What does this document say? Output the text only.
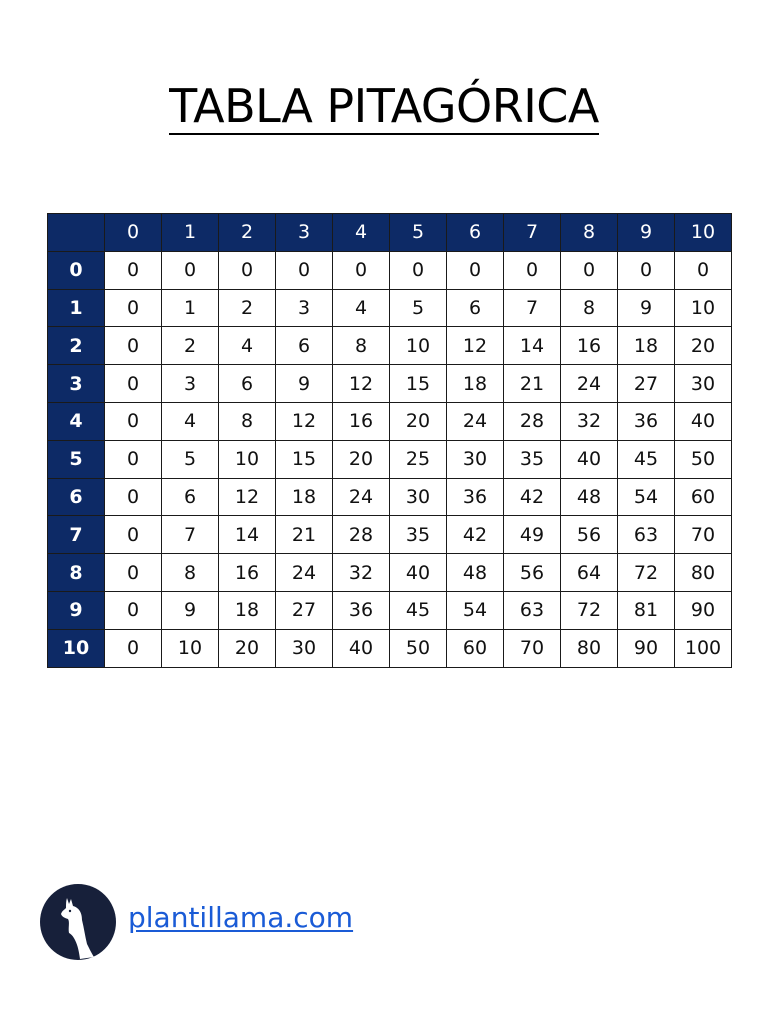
TABLA PITAGÓRICA
	0	1	2	3	4	5	6	7	8	9	10
0	0	0	0	0	0	0	0	0	0	0	0
1	0	1	2	3	4	5	6	7	8	9	10
2	0	2	4	6	8	10	12	14	16	18	20
3	0	3	6	9	12	15	18	21	24	27	30
4	0	4	8	12	16	20	24	28	32	36	40
5	0	5	10	15	20	25	30	35	40	45	50
6	0	6	12	18	24	30	36	42	48	54	60
7	0	7	14	21	28	35	42	49	56	63	70
8	0	8	16	24	32	40	48	56	64	72	80
9	0	9	18	27	36	45	54	63	72	81	90
10	0	10	20	30	40	50	60	70	80	90	100
plantillama.com
